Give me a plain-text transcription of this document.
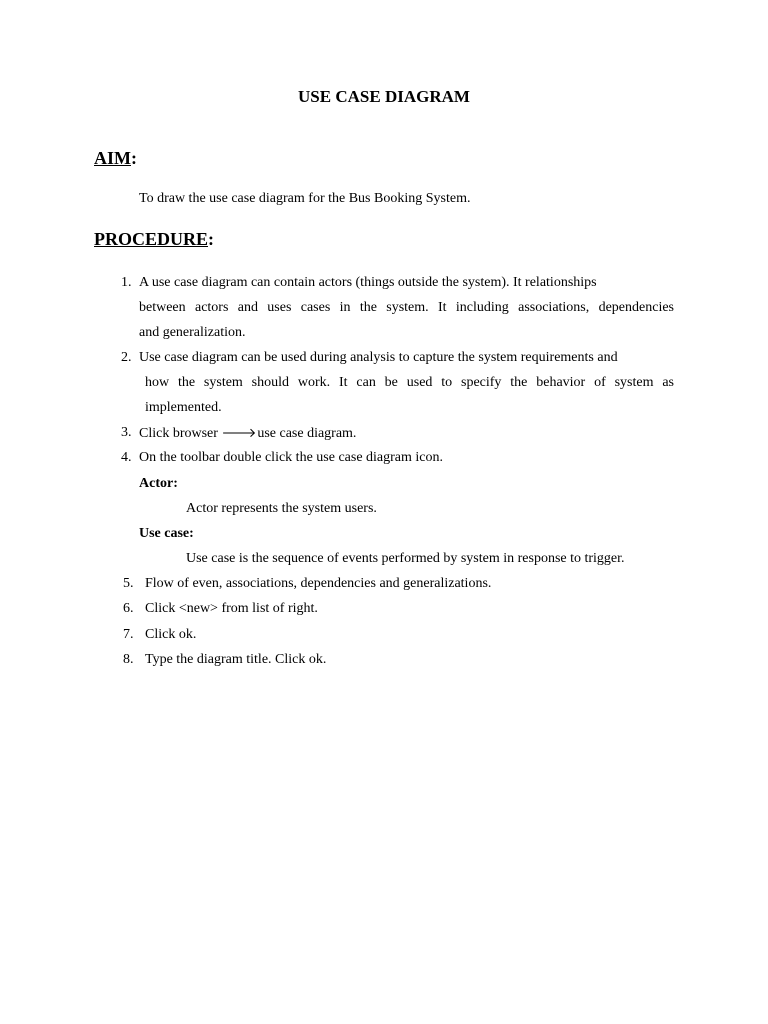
USE CASE DIAGRAM
AIM:
To draw the use case diagram for the Bus Booking System.
PROCEDURE:
1. A use case diagram can contain actors (things outside the system). It relationships
between actors and uses cases in the system. It including associations, dependencies
and generalization.
2. Use case diagram can be used during analysis to capture the system requirements and
how the system should work. It can be used to specify the behavior of system as
implemented.
3. Click browser 🡒use case diagram.
4. On the toolbar double click the use case diagram icon.
Actor:
Actor represents the system users.
Use case:
Use case is the sequence of events performed by system in response to trigger.
5. Flow of even, associations, dependencies and generalizations.
6. Click <new> from list of right.
7. Click ok.
8. Type the diagram title. Click ok.
